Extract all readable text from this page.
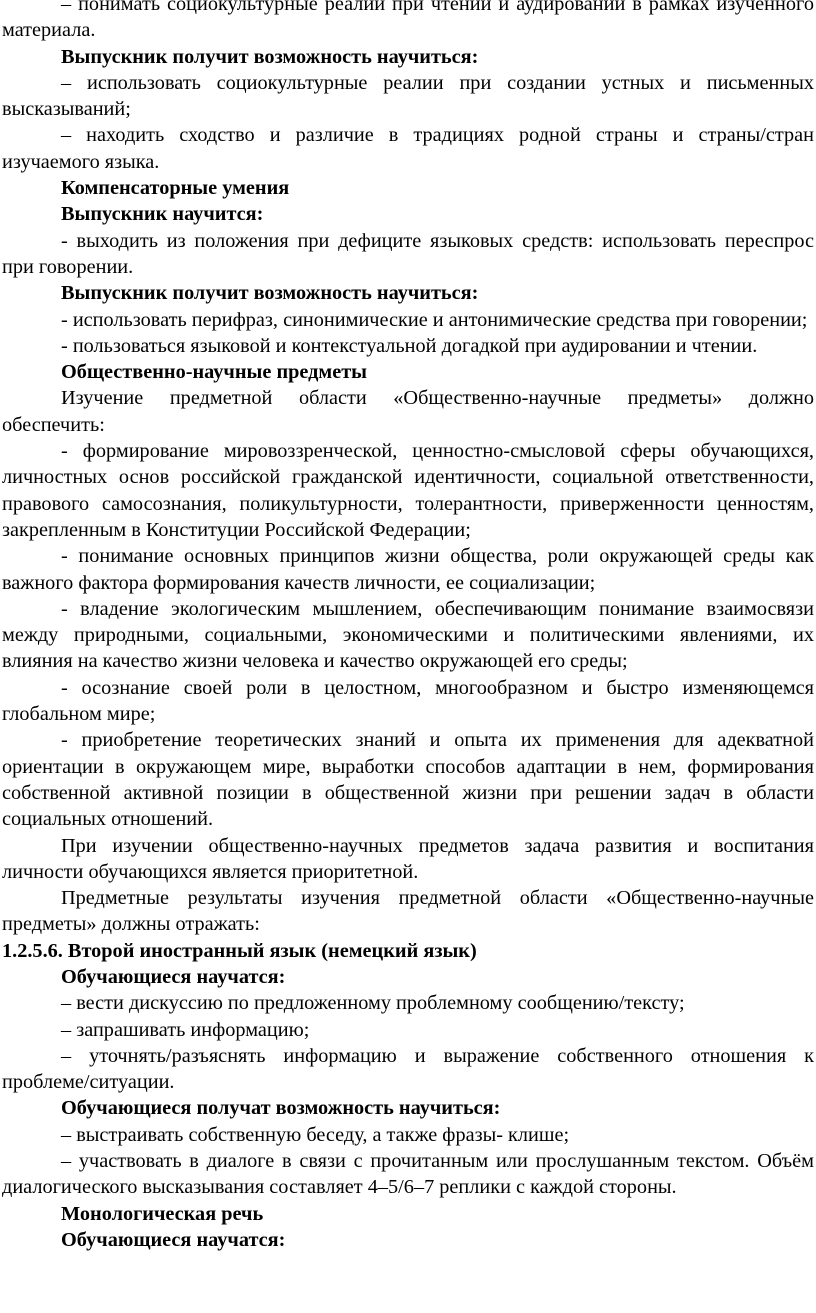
– понимать социокультурные реалии при чтении и аудировании в рамках изученного материала.

Выпускник получит возможность научиться:

– использовать социокультурные реалии при создании устных и письменных высказываний;

– находить сходство и различие в традициях родной страны и страны/стран изучаемого языка.

Компенсаторные умения

Выпускник научится:

- выходить из положения при дефиците языковых средств: использовать переспрос при говорении.

Выпускник получит возможность научиться:

- использовать перифраз, синонимические и антонимические средства при говорении;

- пользоваться языковой и контекстуальной догадкой при аудировании и чтении.

Общественно-научные предметы

Изучение предметной области «Общественно-научные предметы» должно обеспечить:

- формирование мировоззренческой, ценностно-смысловой сферы обучающихся, личностных основ российской гражданской идентичности, социальной ответственности, правового самосознания, поликультурности, толерантности, приверженности ценностям, закрепленным в Конституции Российской Федерации;

- понимание основных принципов жизни общества, роли окружающей среды как важного фактора формирования качеств личности, ее социализации;

- владение экологическим мышлением, обеспечивающим понимание взаимосвязи между природными, социальными, экономическими и политическими явлениями, их влияния на качество жизни человека и качество окружающей его среды;

- осознание своей роли в целостном, многообразном и быстро изменяющемся глобальном мире;

- приобретение теоретических знаний и опыта их применения для адекватной ориентации в окружающем мире, выработки способов адаптации в нем, формирования собственной активной позиции в общественной жизни при решении задач в области социальных отношений.

При изучении общественно-научных предметов задача развития и воспитания личности обучающихся является приоритетной.

Предметные результаты изучения предметной области «Общественно-научные предметы» должны отражать:

1.2.5.6. Второй иностранный язык (немецкий язык)

Обучающиеся научатся:

– вести дискуссию по предложенному проблемному сообщению/тексту;

– запрашивать информацию;

– уточнять/разъяснять информацию и выражение собственного отношения к проблеме/ситуации.

Обучающиеся получат возможность научиться:

– выстраивать собственную беседу, а также фразы- клише;

– участвовать в диалоге в связи с прочитанным или прослушанным текстом. Объём диалогического высказывания составляет 4–5/6–7 реплики с каждой стороны.

Монологическая речь

Обучающиеся научатся:
